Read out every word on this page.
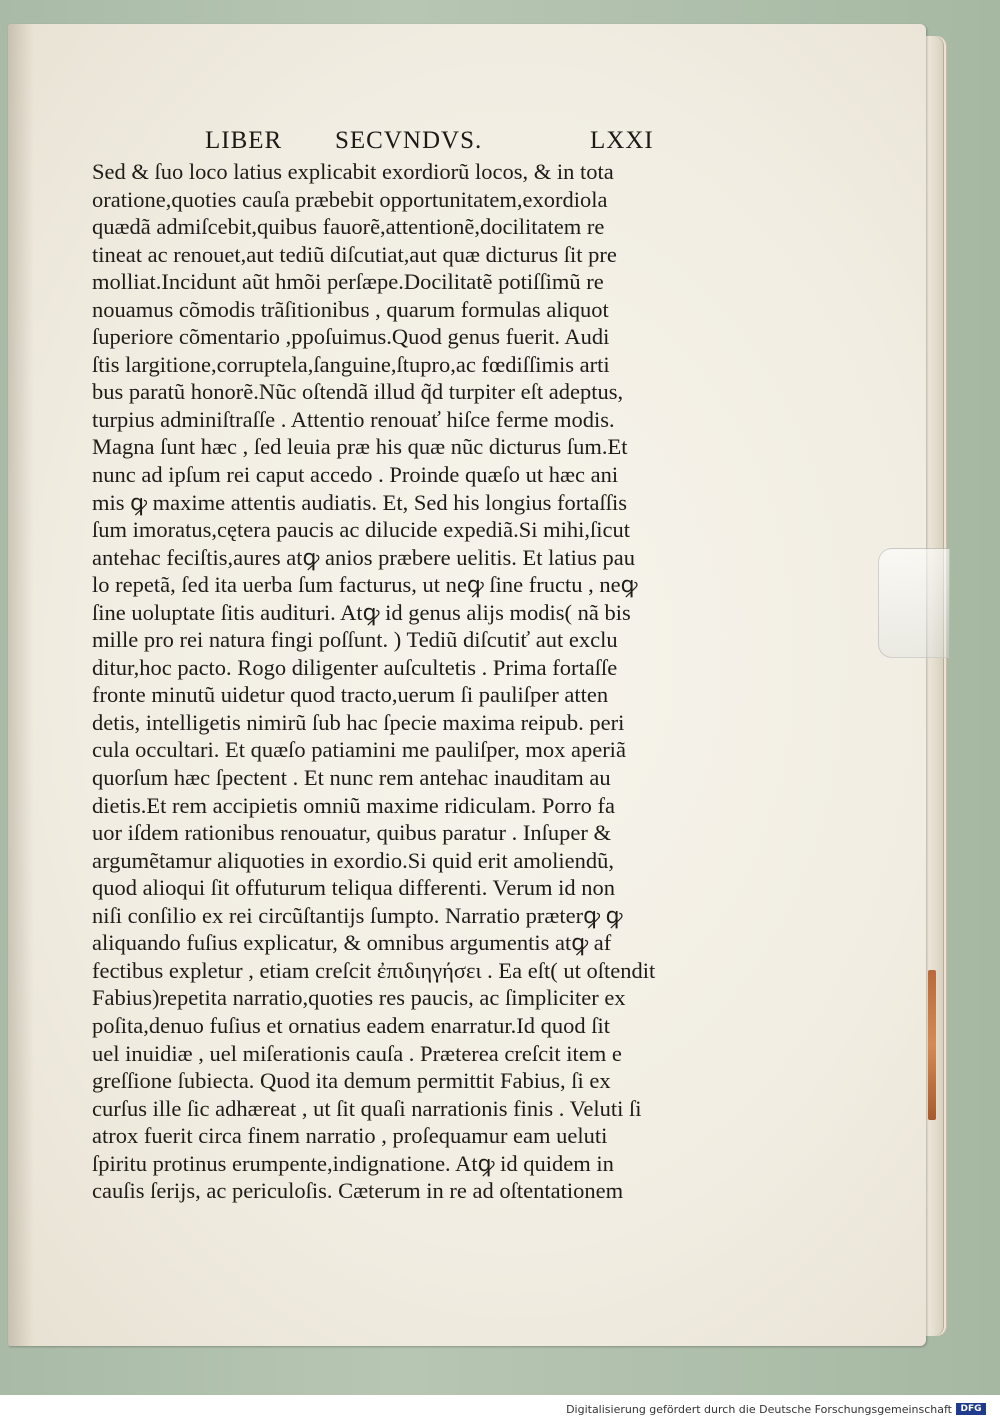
LIBER SECVNDVS.	LXXI
Sed & ſuo loco latius explicabit exordiorũ locos, & in tota
oratione,quoties cauſa præbebit opportunitatem,exordiola
quædã admiſcebit,quibus fauorẽ,attentionẽ,docilitatem re
tineat ac renouet,aut tediũ diſcutiat,aut quæ dicturus ſit pre
molliat.Incidunt aũt hmõi perſæpe.Docilitatẽ potiſſimũ re
nouamus cõmodis trãſitionibus , quarum formulas aliquot
ſuperiore cõmentario ,ppoſuimus.Quod genus fuerit. Audi
ſtis largitione,corruptela,ſanguine,ſtupro,ac fœdiſſimis arti
bus paratũ honorẽ.Nũc oſtendã illud q̃d turpiter eſt adeptus,
turpius adminiſtraſſe . Attentio renouať hiſce ferme modis.
Magna ſunt hæc , ſed leuia præ his quæ nũc dicturus ſum.Et
nunc ad ipſum rei caput accedo . Proinde quæſo ut hæc ani
mis ꝙ maxime attentis audiatis. Et, Sed his longius fortaſſis
ſum imoratus,cętera paucis ac dilucide expediã.Si mihi,ſicut
antehac feciſtis,aures atꝙ anios præbere uelitis. Et latius pau
lo repetã, ſed ita uerba ſum facturus, ut neꝙ ſine fructu , neꝙ
ſine uoluptate ſitis audituri. Atꝙ id genus alijs modis( nã bis
mille pro rei natura fingi poſſunt. ) Tediũ diſcutiť aut exclu
ditur,hoc pacto. Rogo diligenter auſcultetis . Prima fortaſſe
fronte minutũ uidetur quod tracto,uerum ſi pauliſper atten
detis, intelligetis nimirũ ſub hac ſpecie maxima reipub. peri
cula occultari. Et quæſo patiamini me pauliſper, mox aperiã
quorſum hæc ſpectent . Et nunc rem antehac inauditam au
dietis.Et rem accipietis omniũ maxime ridiculam. Porro fa
uor iſdem rationibus renouatur, quibus paratur . Inſuper &
argumẽtamur aliquoties in exordio.Si quid erit amoliendũ,
quod alioqui ſit offuturum teliqua differenti. Verum id non
niſi conſilio ex rei circũſtantijs ſumpto. Narratio præterꝙ ꝙ
aliquando fuſius explicatur, & omnibus argumentis atꝙ af
fectibus expletur , etiam creſcit ἐπιδιηγήσει . Ea eſt( ut oſtendit
Fabius)repetita narratio,quoties res paucis, ac ſimpliciter ex
poſita,denuo fuſius et ornatius eadem enarratur.Id quod ſit
uel inuidiæ , uel miſerationis cauſa . Præterea creſcit item e
greſſione ſubiecta. Quod ita demum permittit Fabius, ſi ex
curſus ille ſic adhæreat , ut ſit quaſi narrationis finis . Veluti ſi
atrox fuerit circa finem narratio , proſequamur eam ueluti
ſpiritu protinus erumpente,indignatione. Atꝙ id quidem in
cauſis ſerijs, ac periculoſis. Cæterum in re ad oſtentationem
Digitalisierung gefördert durch die Deutsche Forschungsgemeinschaft DFG
